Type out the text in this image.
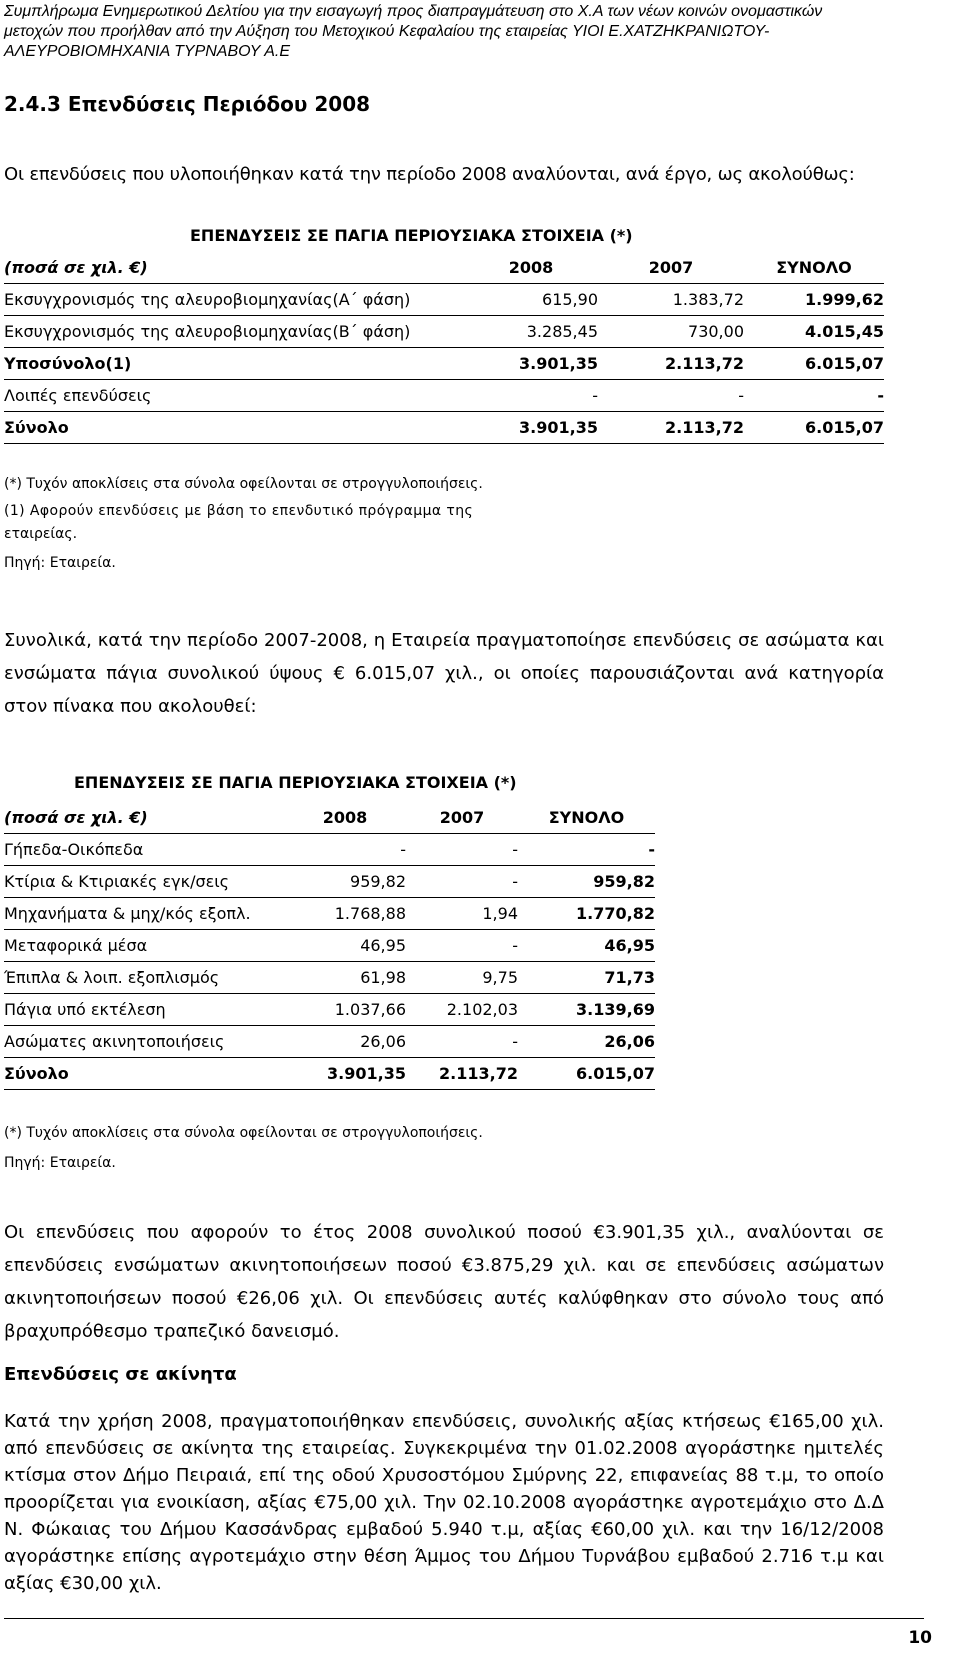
Συμπλήρωμα Ενημερωτικού Δελτίου για την εισαγωγή προς διαπραγμάτευση στο Χ.Α των νέων κοινών ονομαστικών
μετοχών που προήλθαν από την Αύξηση του Μετοχικού Κεφαλαίου της εταιρείας ΥΙΟΙ Ε.ΧΑΤΖΗΚΡΑΝΙΩΤΟΥ-
ΑΛΕΥΡΟΒΙΟΜΗΧΑΝΙΑ ΤΥΡΝΑΒΟΥ Α.Ε
2.4.3 Επενδύσεις Περιόδου 2008
Οι επενδύσεις που υλοποιήθηκαν κατά την περίοδο 2008 αναλύονται, ανά έργο, ως ακολούθως:
ΕΠΕΝΔΥΣΕΙΣ ΣΕ ΠΑΓΙΑ ΠΕΡΙΟΥΣΙΑΚΑ ΣΤΟΙΧΕΙΑ (*)
(ποσά σε χιλ. €)	2008	2007	ΣΥΝΟΛΟ
Εκσυγχρονισμός της αλευροβιομηχανίας(Α΄ φάση)	615,90	1.383,72	1.999,62
Εκσυγχρονισμός της αλευροβιομηχανίας(Β΄ φάση)	3.285,45	730,00	4.015,45
Υποσύνολο(1)	3.901,35	2.113,72	6.015,07
Λοιπές επενδύσεις	-	-	-
Σύνολο	3.901,35	2.113,72	6.015,07
(*) Τυχόν αποκλίσεις στα σύνολα οφείλονται σε στρογγυλοποιήσεις.
(1) Αφορούν επενδύσεις με βάση το επενδυτικό πρόγραμμα της
εταιρείας.
Πηγή: Εταιρεία.
Συνολικά, κατά την περίοδο 2007-2008, η Εταιρεία πραγματοποίησε επενδύσεις σε ασώματα και ενσώματα πάγια συνολικού ύψους € 6.015,07 χιλ., οι οποίες παρουσιάζονται ανά κατηγορία στον πίνακα που ακολουθεί:
ΕΠΕΝΔΥΣΕΙΣ ΣΕ ΠΑΓΙΑ ΠΕΡΙΟΥΣΙΑΚΑ ΣΤΟΙΧΕΙΑ (*)
(ποσά σε χιλ. €)	2008	2007	ΣΥΝΟΛΟ
Γήπεδα-Οικόπεδα	-	-	-
Κτίρια & Κτιριακές εγκ/σεις	959,82	-	959,82
Μηχανήματα & μηχ/κός εξοπλ.	1.768,88	1,94	1.770,82
Μεταφορικά μέσα	46,95	-	46,95
Έπιπλα & λοιπ. εξοπλισμός	61,98	9,75	71,73
Πάγια υπό εκτέλεση	1.037,66	2.102,03	3.139,69
Ασώματες ακινητοποιήσεις	26,06	-	26,06
Σύνολο	3.901,35	2.113,72	6.015,07
(*) Τυχόν αποκλίσεις στα σύνολα οφείλονται σε στρογγυλοποιήσεις.
Πηγή: Εταιρεία.
Οι επενδύσεις που αφορούν το έτος 2008 συνολικού ποσού €3.901,35 χιλ., αναλύονται σε επενδύσεις ενσώματων ακινητοποιήσεων ποσού €3.875,29 χιλ. και σε επενδύσεις ασώματων ακινητοποιήσεων ποσού €26,06 χιλ. Οι επενδύσεις αυτές καλύφθηκαν στο σύνολο τους από βραχυπρόθεσμο τραπεζικό δανεισμό.
Επενδύσεις σε ακίνητα
Κατά την χρήση 2008, πραγματοποιήθηκαν επενδύσεις, συνολικής αξίας κτήσεως €165,00 χιλ. από επενδύσεις σε ακίνητα της εταιρείας. Συγκεκριμένα την 01.02.2008 αγοράστηκε ημιτελές κτίσμα στον Δήμο Πειραιά, επί της οδού Χρυσοστόμου Σμύρνης 22, επιφανείας 88 τ.μ, το οποίο προορίζεται για ενοικίαση, αξίας €75,00 χιλ. Την 02.10.2008 αγοράστηκε αγροτεμάχιο στο Δ.Δ Ν. Φώκαιας του Δήμου Κασσάνδρας εμβαδού 5.940 τ.μ, αξίας €60,00 χιλ. και την 16/12/2008 αγοράστηκε επίσης αγροτεμάχιο στην θέση Άμμος του Δήμου Τυρνάβου εμβαδού 2.716 τ.μ και αξίας €30,00 χιλ.
10
